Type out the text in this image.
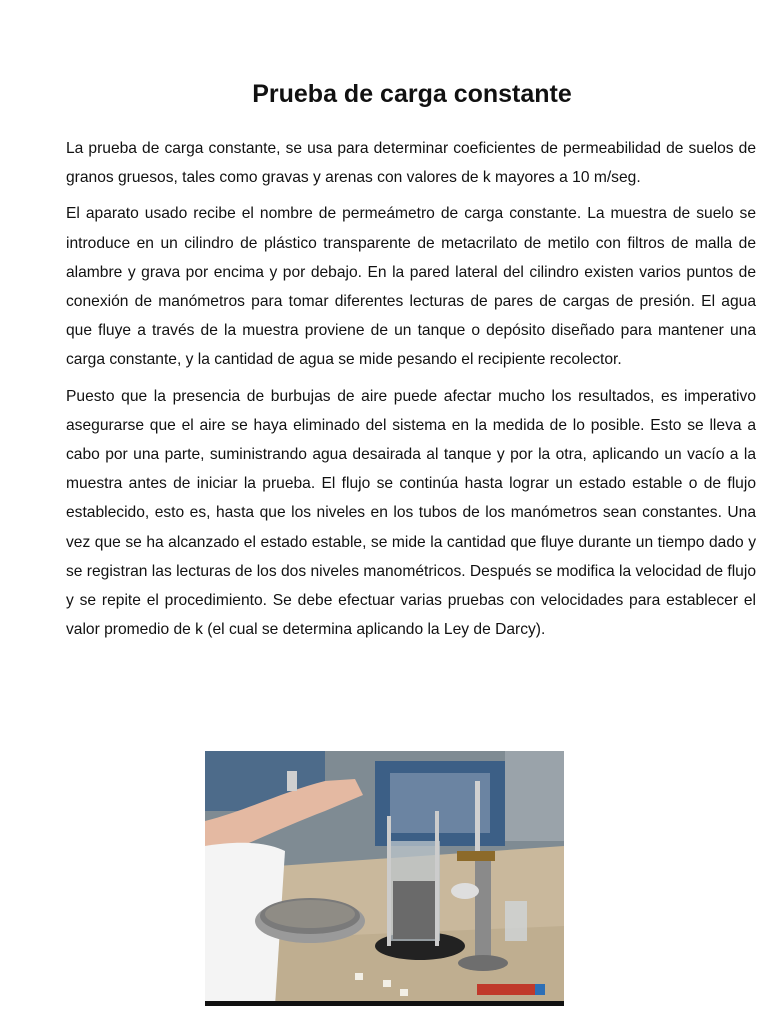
Prueba de carga constante

La prueba de carga constante, se usa para determinar coeficientes de permeabilidad de suelos de granos gruesos, tales como gravas y arenas con valores de k mayores a 10 m/seg.

El aparato usado recibe el nombre de permeámetro de carga constante. La muestra de suelo se introduce en un cilindro de plástico transparente de metacrilato de metilo con filtros de malla de alambre y grava por encima y por debajo. En la pared lateral del cilindro existen varios puntos de conexión de manómetros para tomar diferentes lecturas de pares de cargas de presión. El agua que fluye a través de la muestra proviene de un tanque o depósito diseñado para mantener una carga constante, y la cantidad de agua se mide pesando el recipiente recolector.

Puesto que la presencia de burbujas de aire puede afectar mucho los resultados, es imperativo asegurarse que el aire se haya eliminado del sistema en la medida de lo posible. Esto se lleva a cabo por una parte, suministrando agua desairada al tanque y por la otra, aplicando un vacío a la muestra antes de iniciar la prueba. El flujo se continúa hasta lograr un estado estable o de flujo establecido, esto es, hasta que los niveles en los tubos de los manómetros sean constantes. Una vez que se ha alcanzado el estado estable, se mide la cantidad que fluye durante un tiempo dado y se registran las lecturas de los dos niveles manométricos. Después se modifica la velocidad de flujo y se repite el procedimiento. Se debe efectuar varias pruebas con velocidades para establecer el valor promedio de k (el cual se determina aplicando la Ley de Darcy).
